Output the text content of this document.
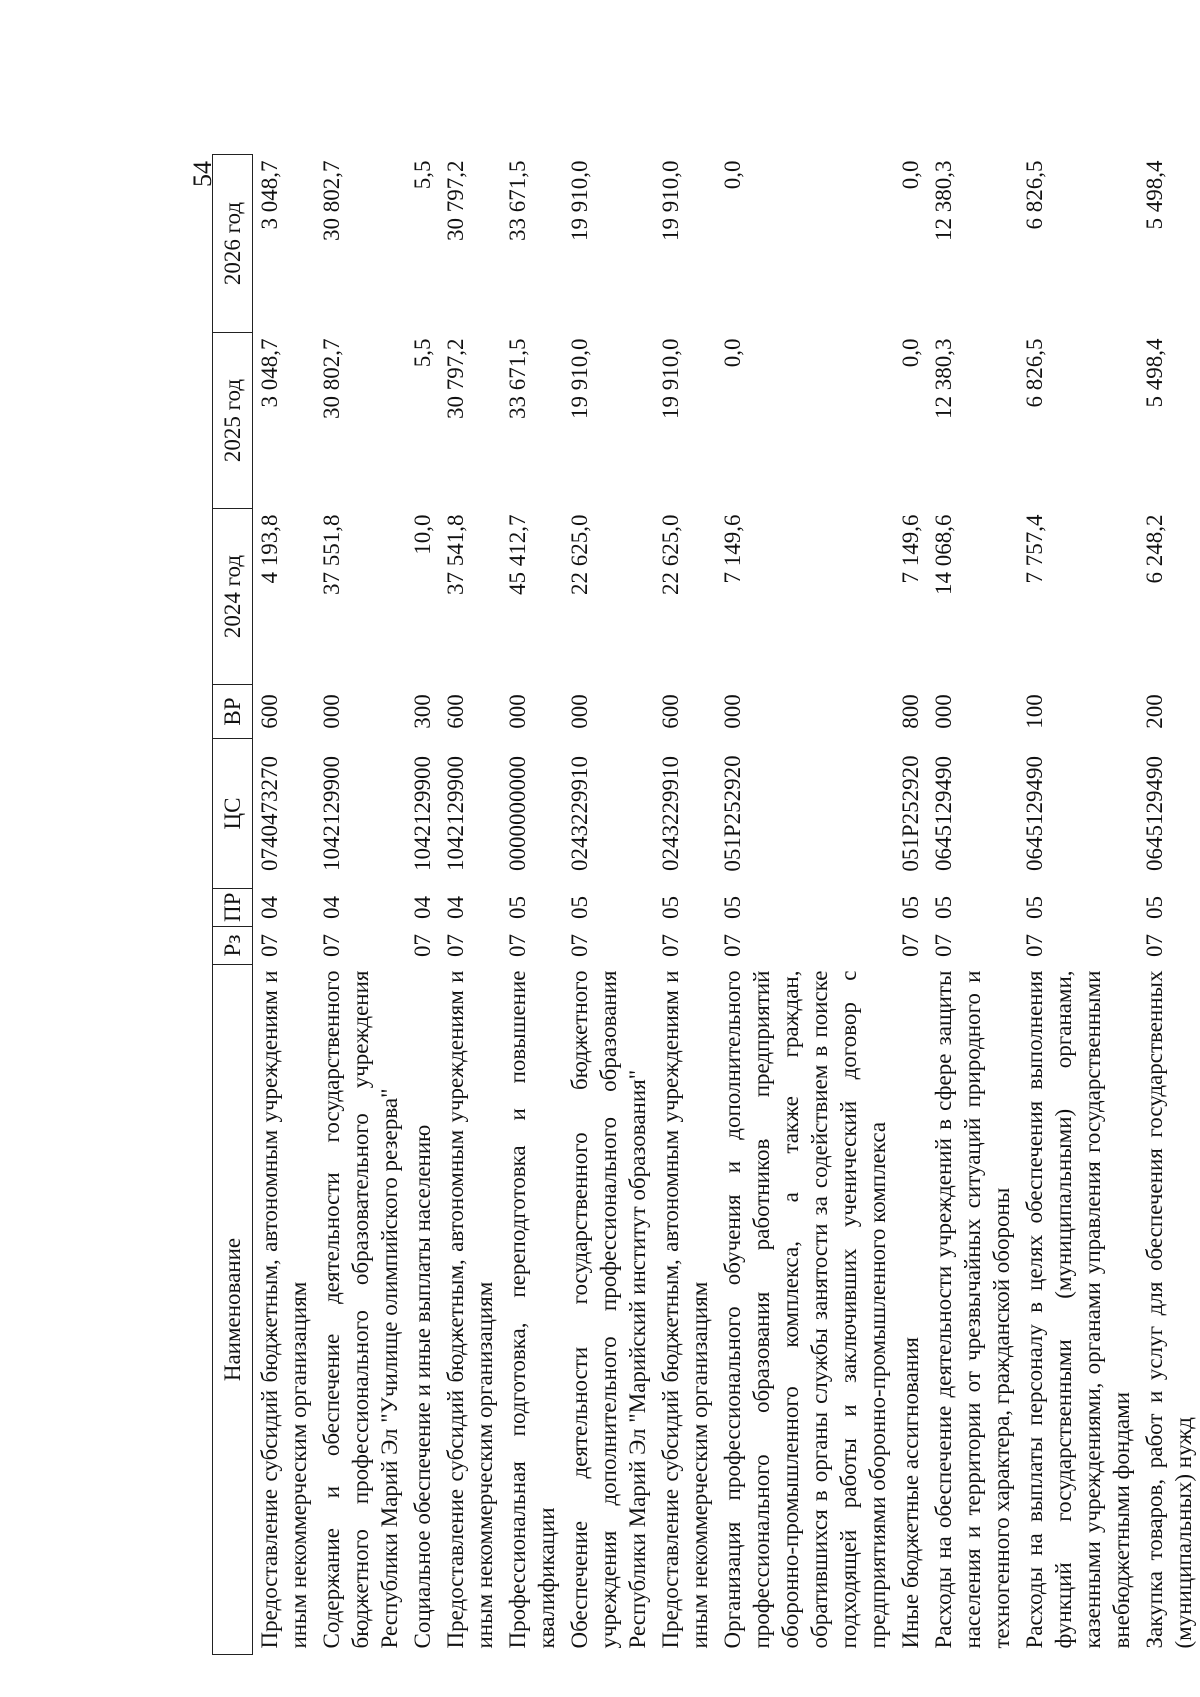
54
Наименование	Рз	ПР	ЦС	ВР	2024 год	2025 год	2026 год
Предоставление субсидий бюджетным, автономным учреждениям и иным некоммерческим организациям	07	04	0740473270	600	4 193,8	3 048,7	3 048,7
Содержание и обеспечение деятельности государственного бюджетного профессионального образовательного учреждения Республики Марий Эл "Училище олимпийского резерва"	07	04	1042129900	000	37 551,8	30 802,7	30 802,7
Социальное обеспечение и иные выплаты населению	07	04	1042129900	300	10,0	5,5	5,5
Предоставление субсидий бюджетным, автономным учреждениям и иным некоммерческим организациям	07	04	1042129900	600	37 541,8	30 797,2	30 797,2
Профессиональная подготовка, переподготовка и повышение квалификации	07	05	0000000000	000	45 412,7	33 671,5	33 671,5
Обеспечение деятельности государственного бюджетного учреждения дополнительного профессионального образования Республики Марий Эл "Марийский институт образования"	07	05	0243229910	000	22 625,0	19 910,0	19 910,0
Предоставление субсидий бюджетным, автономным учреждениям и иным некоммерческим организациям	07	05	0243229910	600	22 625,0	19 910,0	19 910,0
Организация профессионального обучения и дополнительного профессионального образования работников предприятий оборонно-промышленного комплекса, а также граждан, обратившихся в органы службы занятости за содействием в поиске подходящей работы и заключивших ученический договор с предприятиями оборонно-промышленного комплекса	07	05	051P252920	000	7 149,6	0,0	0,0
Иные бюджетные ассигнования	07	05	051P252920	800	7 149,6	0,0	0,0
Расходы на обеспечение деятельности учреждений в сфере защиты населения и территории от чрезвычайных ситуаций природного и техногенного характера, гражданской обороны	07	05	0645129490	000	14 068,6	12 380,3	12 380,3
Расходы на выплаты персоналу в целях обеспечения выполнения функций государственными (муниципальными) органами, казенными учреждениями, органами управления государственными внебюджетными фондами	07	05	0645129490	100	7 757,4	6 826,5	6 826,5
Закупка товаров, работ и услуг для обеспечения государственных (муниципальных) нужд	07	05	0645129490	200	6 248,2	5 498,4	5 498,4
